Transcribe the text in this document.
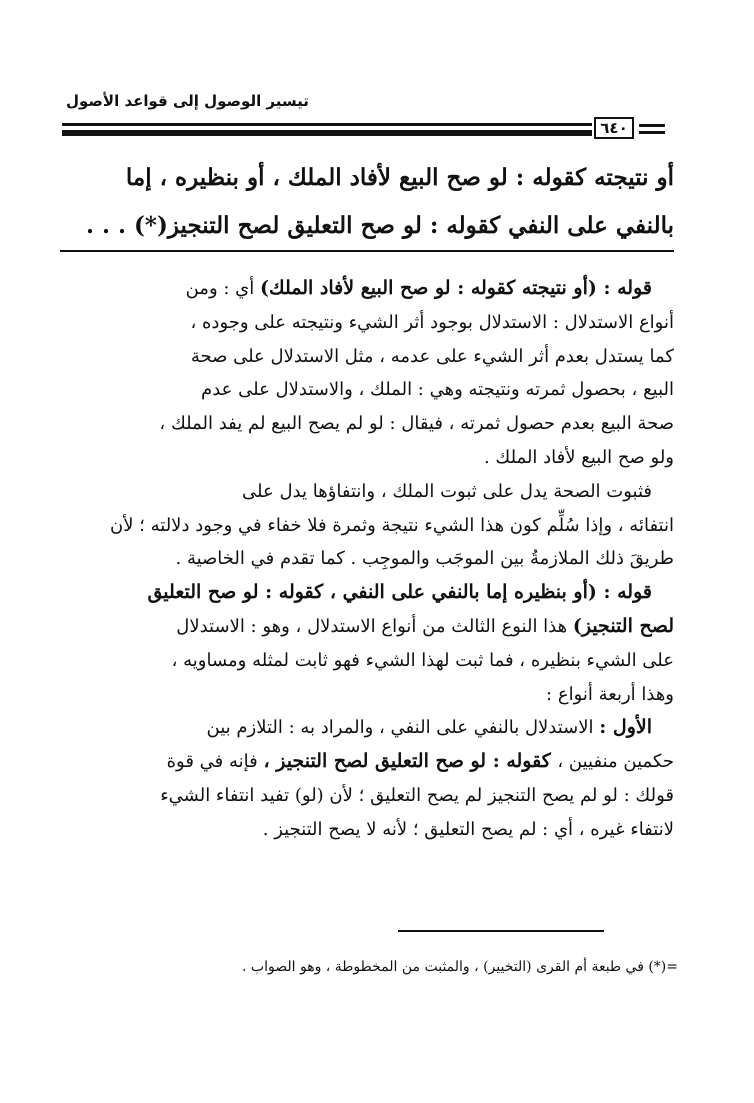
تيسير الوصول إلى قواعد الأصول
٦٤٠
أو نتيجته كقوله : لو صح البيع لأفاد الملك ، أو بنظيره ، إما
بالنفي على النفي كقوله : لو صح التعليق لصح التنجيز(*) . . .
قوله : (أو نتيجته كقوله : لو صح البيع لأفاد الملك) أي : ومن
أنواع الاستدلال : الاستدلال بوجود أثر الشيء ونتيجته على وجوده ،
كما يستدل بعدم أثر الشيء على عدمه ، مثل الاستدلال على صحة
البيع ، بحصول ثمرته ونتيجته وهي : الملك ، والاستدلال على عدم
صحة البيع بعدم حصول ثمرته ، فيقال : لو لم يصح البيع لم يفد الملك ،
ولو صح البيع لأفاد الملك .
فثبوت الصحة يدل على ثبوت الملك ، وانتفاؤها يدل على
انتفائه ، وإذا سُلِّم كون هذا الشيء نتيجة وثمرة فلا خفاء في وجود دلالته ؛ لأن
طريقَ ذلك الملازمةُ بين الموجَب والموجِب . كما تقدم في الخاصية .
قوله : (أو بنظيره إما بالنفي على النفي ، كقوله : لو صح التعليق
لصح التنجيز) هذا النوع الثالث من أنواع الاستدلال ، وهو : الاستدلال
على الشيء بنظيره ، فما ثبت لهذا الشيء فهو ثابت لمثله ومساويه ،
وهذا أربعة أنواع :
الأول : الاستدلال بالنفي على النفي ، والمراد به : التلازم بين
حكمين منفيين ، كقوله : لو صح التعليق لصح التنجيز ، فإنه في قوة
قولك : لو لم يصح التنجيز لم يصح التعليق ؛ لأن (لو) تفيد انتفاء الشيء
لانتفاء غيره ، أي : لم يصح التعليق ؛ لأنه لا يصح التنجيز .
=(*) في طبعة أم القرى (التخيير) ، والمثبت من المخطوطة ، وهو الصواب .
